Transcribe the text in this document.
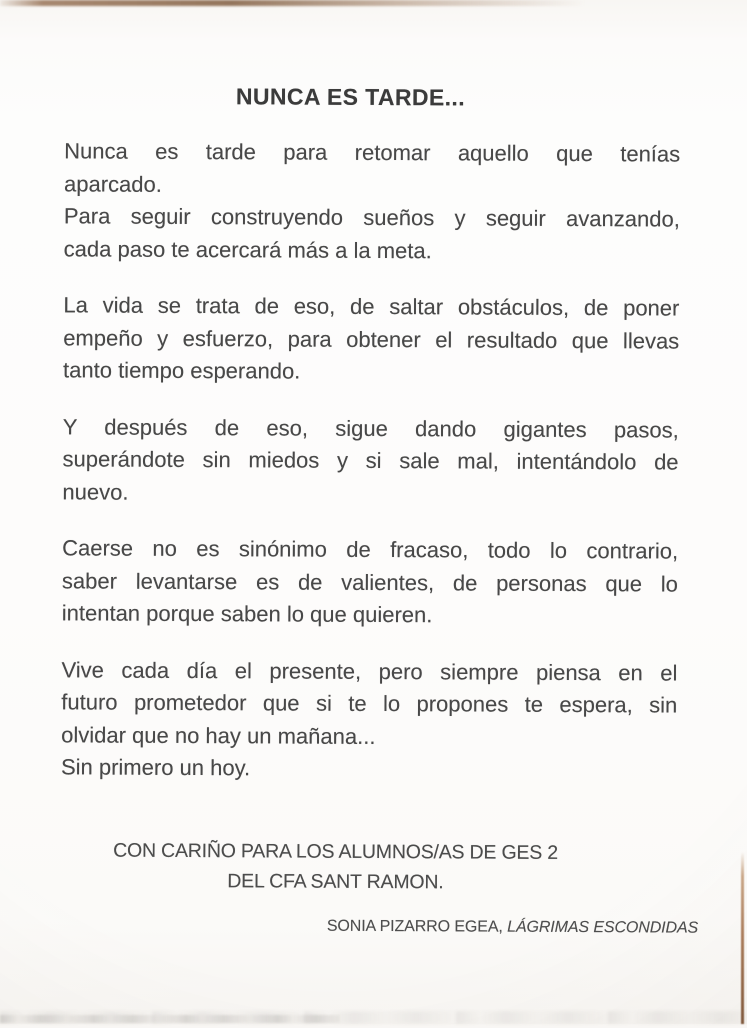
NUNCA ES TARDE...
Nunca es tarde para retomar aquello que tenías
aparcado.
Para seguir construyendo sueños y seguir avanzando,
cada paso te acercará más a la meta.
La vida se trata de eso, de saltar obstáculos, de poner
empeño y esfuerzo, para obtener el resultado que llevas
tanto tiempo esperando.
Y después de eso, sigue dando gigantes pasos,
superándote sin miedos y si sale mal, intentándolo de
nuevo.
Caerse no es sinónimo de fracaso, todo lo contrario,
saber levantarse es de valientes, de personas que lo
intentan porque saben lo que quieren.
Vive cada día el presente, pero siempre piensa en el
futuro prometedor que si te lo propones te espera, sin
olvidar que no hay un mañana...
Sin primero un hoy.
SONIA PIZARRO EGEA, LÁGRIMAS ESCONDIDAS
CON CARIÑO PARA LOS ALUMNOS/AS DE GES 2
DEL CFA SANT RAMON.
